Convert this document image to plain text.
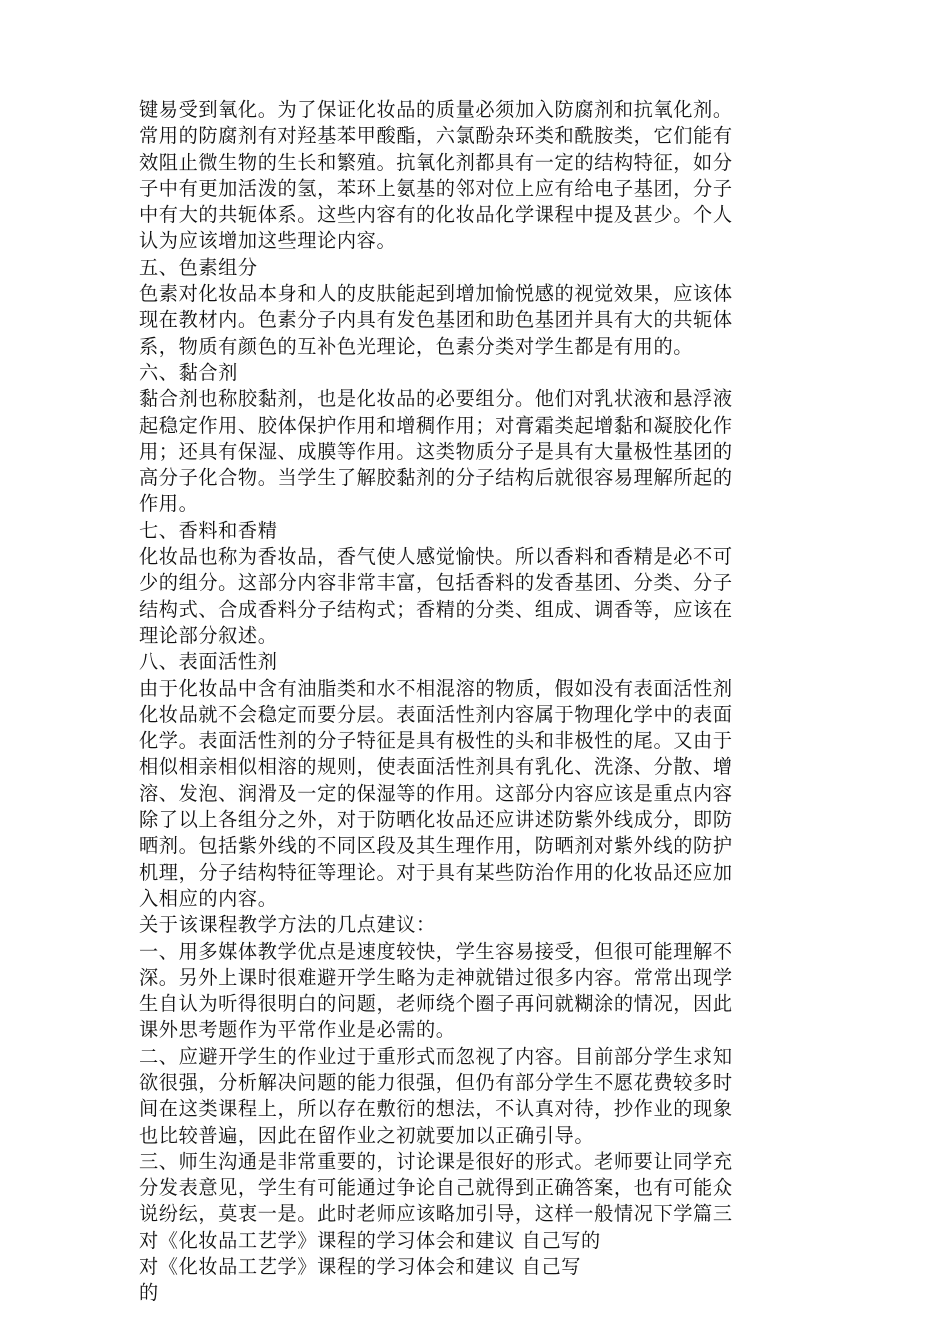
键易受到氧化。为了保证化妆品的质量必须加入防腐剂和抗氧化剂。
常用的防腐剂有对羟基苯甲酸酯，六氯酚杂环类和酰胺类，它们能有
效阻止微生物的生长和繁殖。抗氧化剂都具有一定的结构特征，如分
子中有更加活泼的氢，苯环上氨基的邻对位上应有给电子基团，分子
中有大的共轭体系。这些内容有的化妆品化学课程中提及甚少。个人
认为应该增加这些理论内容。
五、色素组分
色素对化妆品本身和人的皮肤能起到增加愉悦感的视觉效果，应该体
现在教材内。色素分子内具有发色基团和助色基团并具有大的共轭体
系，物质有颜色的互补色光理论，色素分类对学生都是有用的。
六、黏合剂
黏合剂也称胶黏剂，也是化妆品的必要组分。他们对乳状液和悬浮液
起稳定作用、胶体保护作用和增稠作用；对膏霜类起增黏和凝胶化作
用；还具有保湿、成膜等作用。这类物质分子是具有大量极性基团的
高分子化合物。当学生了解胶黏剂的分子结构后就很容易理解所起的
作用。
七、香料和香精
化妆品也称为香妆品，香气使人感觉愉快。所以香料和香精是必不可
少的组分。这部分内容非常丰富，包括香料的发香基团、分类、分子
结构式、合成香料分子结构式；香精的分类、组成、调香等，应该在
理论部分叙述。
八、表面活性剂
由于化妆品中含有油脂类和水不相混溶的物质，假如没有表面活性剂
化妆品就不会稳定而要分层。表面活性剂内容属于物理化学中的表面
化学。表面活性剂的分子特征是具有极性的头和非极性的尾。又由于
相似相亲相似相溶的规则，使表面活性剂具有乳化、洗涤、分散、增
溶、发泡、润滑及一定的保湿等的作用。这部分内容应该是重点内容
除了以上各组分之外，对于防晒化妆品还应讲述防紫外线成分，即防
晒剂。包括紫外线的不同区段及其生理作用，防晒剂对紫外线的防护
机理，分子结构特征等理论。对于具有某些防治作用的化妆品还应加
入相应的内容。
关于该课程教学方法的几点建议：
一、用多媒体教学优点是速度较快，学生容易接受，但很可能理解不
深。另外上课时很难避开学生略为走神就错过很多内容。常常出现学
生自认为听得很明白的问题，老师绕个圈子再问就糊涂的情况，因此
课外思考题作为平常作业是必需的。
二、应避开学生的作业过于重形式而忽视了内容。目前部分学生求知
欲很强，分析解决问题的能力很强，但仍有部分学生不愿花费较多时
间在这类课程上，所以存在敷衍的想法，不认真对待，抄作业的现象
也比较普遍，因此在留作业之初就要加以正确引导。
三、师生沟通是非常重要的，讨论课是很好的形式。老师要让同学充
分发表意见，学生有可能通过争论自己就得到正确答案，也有可能众
说纷纭，莫衷一是。此时老师应该略加引导，这样一般情况下学篇三
对《化妆品工艺学》课程的学习体会和建议 自己写的
对《化妆品工艺学》课程的学习体会和建议 自己写
的
